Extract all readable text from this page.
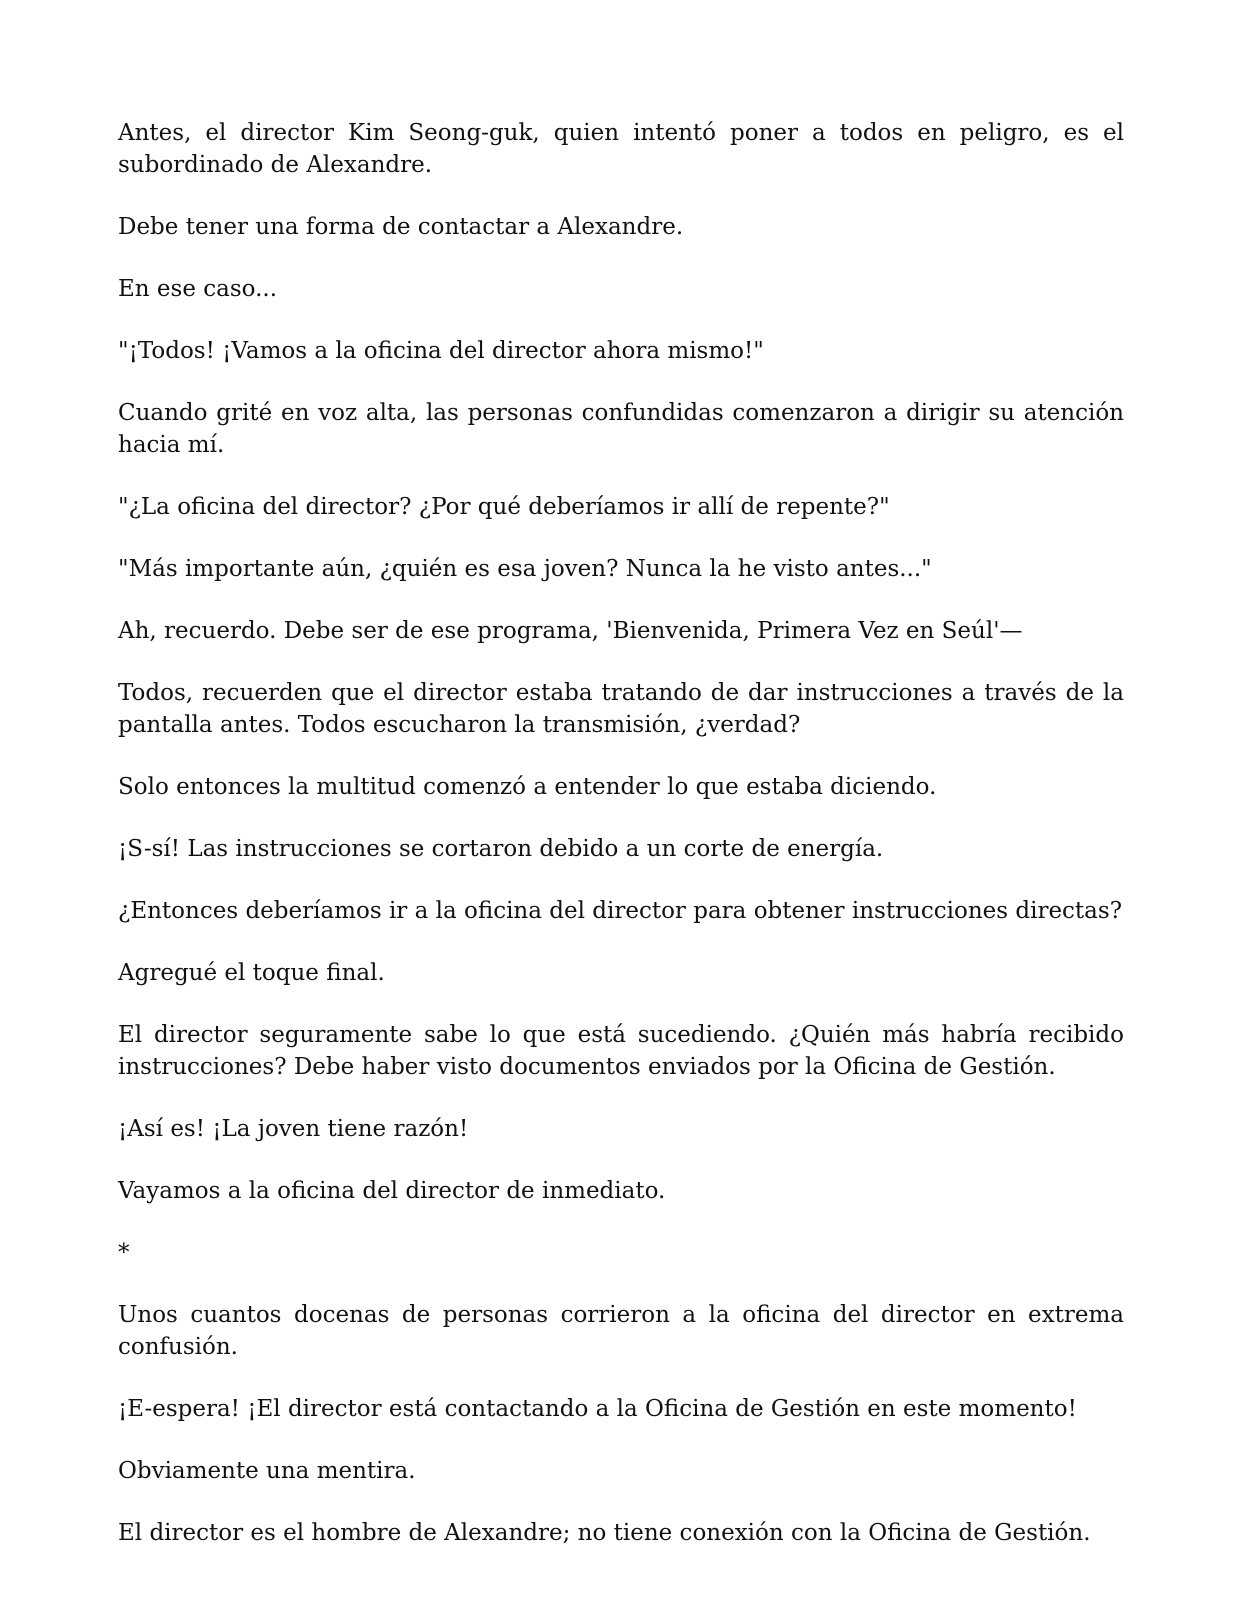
Antes, el director Kim Seong-guk, quien intentó poner a todos en peligro, es el subordinado de Alexandre.

Debe tener una forma de contactar a Alexandre.

En ese caso...

"¡Todos! ¡Vamos a la oficina del director ahora mismo!"

Cuando grité en voz alta, las personas confundidas comenzaron a dirigir su atención hacia mí.

"¿La oficina del director? ¿Por qué deberíamos ir allí de repente?"

"Más importante aún, ¿quién es esa joven? Nunca la he visto antes..."

Ah, recuerdo. Debe ser de ese programa, 'Bienvenida, Primera Vez en Seúl'—

Todos, recuerden que el director estaba tratando de dar instrucciones a través de la pantalla antes. Todos escucharon la transmisión, ¿verdad?

Solo entonces la multitud comenzó a entender lo que estaba diciendo.

¡S-sí! Las instrucciones se cortaron debido a un corte de energía.

¿Entonces deberíamos ir a la oficina del director para obtener instrucciones directas?

Agregué el toque final.

El director seguramente sabe lo que está sucediendo. ¿Quién más habría recibido instrucciones? Debe haber visto documentos enviados por la Oficina de Gestión.

¡Así es! ¡La joven tiene razón!

Vayamos a la oficina del director de inmediato.

*

Unos cuantos docenas de personas corrieron a la oficina del director en extrema confusión.

¡E-espera! ¡El director está contactando a la Oficina de Gestión en este momento!

Obviamente una mentira.

El director es el hombre de Alexandre; no tiene conexión con la Oficina de Gestión.
